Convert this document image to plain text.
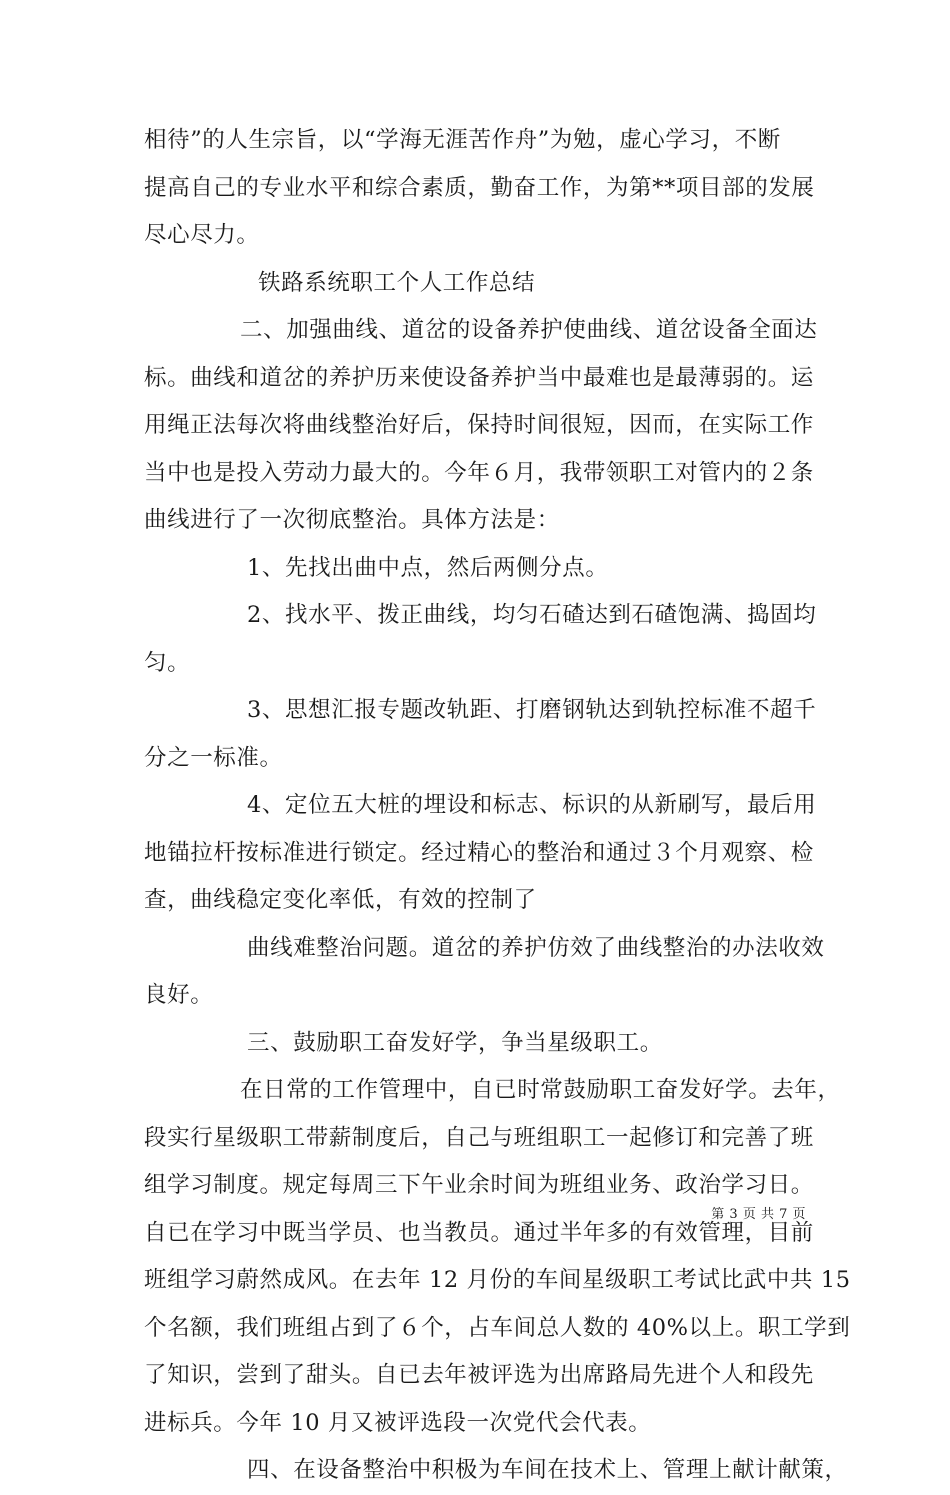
相待”的人生宗旨，以“学海无涯苦作舟”为勉，虚心学习，不断
提高自己的专业水平和综合素质，勤奋工作，为第**项目部的发展
尽心尽力。
铁路系统职工个人工作总结
二、加强曲线、道岔的设备养护使曲线、道岔设备全面达
标。曲线和道岔的养护历来使设备养护当中最难也是最薄弱的。运
用绳正法每次将曲线整治好后，保持时间很短，因而，在实际工作
当中也是投入劳动力最大的。今年６月，我带领职工对管内的２条
曲线进行了一次彻底整治。具体方法是：
1、先找出曲中点，然后两侧分点。
2、找水平、拨正曲线，均匀石碴达到石碴饱满、捣固均
匀。
3、思想汇报专题改轨距、打磨钢轨达到轨控标准不超千
分之一标准。
4、定位五大桩的埋设和标志、标识的从新刷写，最后用
地锚拉杆按标准进行锁定。经过精心的整治和通过３个月观察、检
查，曲线稳定变化率低，有效的控制了
曲线难整治问题。道岔的养护仿效了曲线整治的办法收效
良好。
三、鼓励职工奋发好学，争当星级职工。
在日常的工作管理中，自已时常鼓励职工奋发好学。去年，
段实行星级职工带薪制度后，自己与班组职工一起修订和完善了班
组学习制度。规定每周三下午业余时间为班组业务、政治学习日。
自已在学习中既当学员、也当教员。通过半年多的有效管理，目前
班组学习蔚然成风。在去年 12 月份的车间星级职工考试比武中共 15
个名额，我们班组占到了６个，占车间总人数的 40%以上。职工学到
了知识，尝到了甜头。自已去年被评选为出席路局先进个人和段先
进标兵。今年 10 月又被评选段一次党代会代表。
四、在设备整治中积极为车间在技术上、管理上献计献策，
第 3 页 共 7 页
